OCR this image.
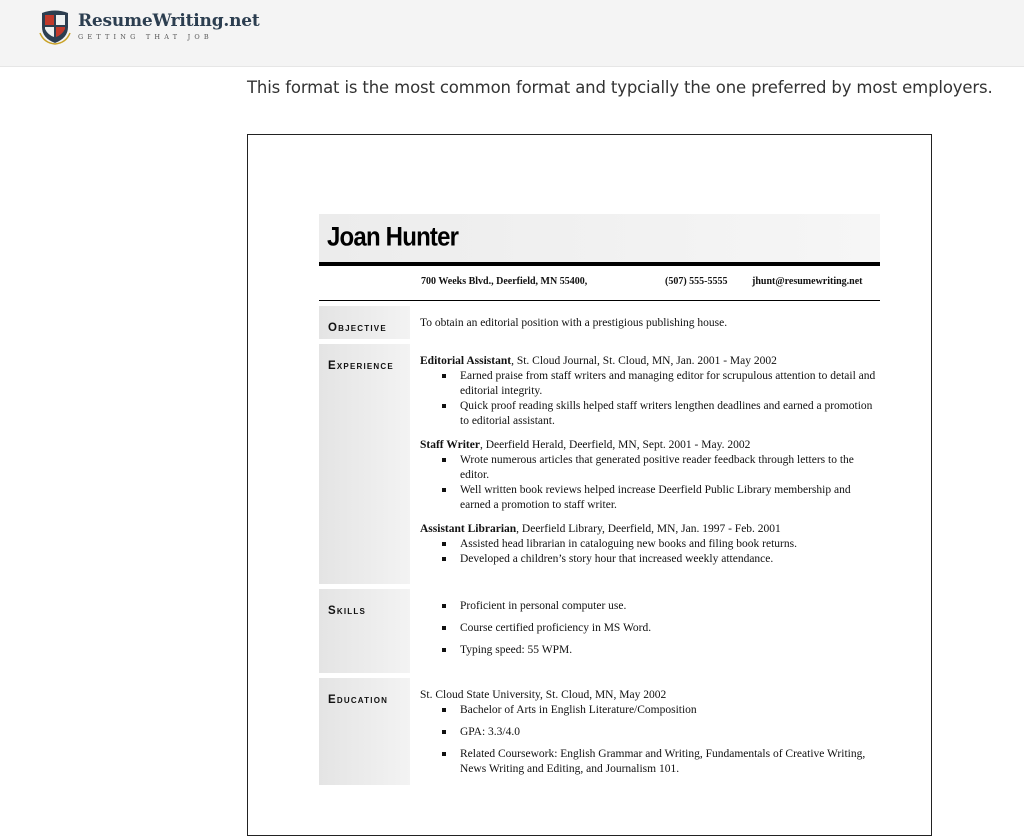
ResumeWriting.net
GETTING THAT JOB

This format is the most common format and typcially the one preferred by most employers.

Joan Hunter
700 Weeks Blvd., Deerfield, MN 55400,	(507) 555-5555 jhunt@resumewriting.net
Objective	To obtain an editorial position with a prestigious publishing house.
Experience	Editorial Assistant, St. Cloud Journal, St. Cloud, MN, Jan. 2001 - May 2002

Earned praise from staff writers and managing editor for scrupulous attention to detail and editorial integrity.
Quick proof reading skills helped staff writers lengthen deadlines and earned a promotion to editorial assistant.

Staff Writer, Deerfield Herald, Deerfield, MN, Sept. 2001 - May. 2002

Wrote numerous articles that generated positive reader feedback through letters to the editor.
Well written book reviews helped increase Deerfield Public Library membership and earned a promotion to staff writer.

Assistant Librarian, Deerfield Library, Deerfield, MN, Jan. 1997 - Feb. 2001

Assisted head librarian in cataloguing new books and filing book returns.
Developed a children’s story hour that increased weekly attendance.
Skills	Proficient in personal computer use.
Course certified proficiency in MS Word.
Typing speed: 55 WPM.
Education	St. Cloud State University, St. Cloud, MN, May 2002

Bachelor of Arts in English Literature/Composition
GPA: 3.3/4.0
Related Coursework: English Grammar and Writing, Fundamentals of Creative Writing, News Writing and Editing, and Journalism 101.
